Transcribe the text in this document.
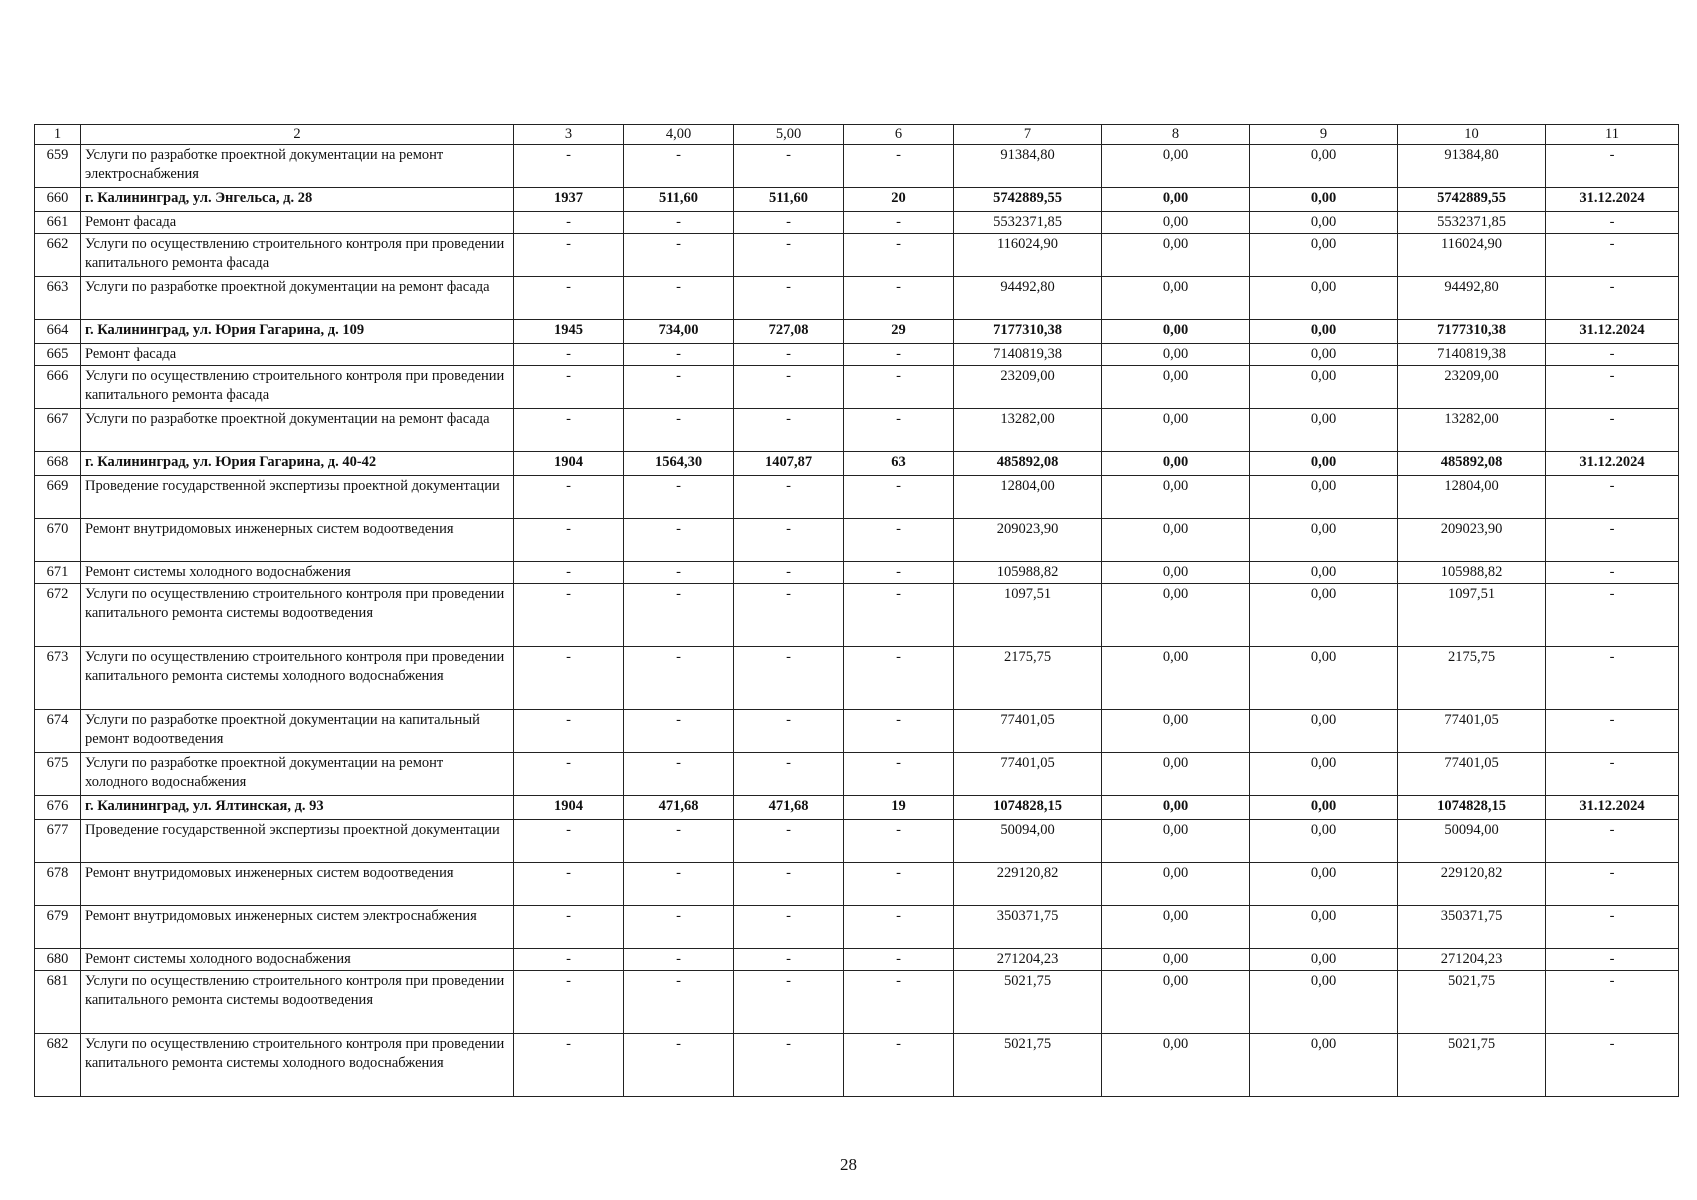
1	2	3	4,00	5,00	6	7	8	9	10	11
659	Услуги по разработке проектной документации на ремонт электроснабжения	-	-	-	-	91384,80	0,00	0,00	91384,80	-
660	г. Калининград, ул. Энгельса, д. 28	1937	511,60	511,60	20	5742889,55	0,00	0,00	5742889,55	31.12.2024
661	Ремонт фасада	-	-	-	-	5532371,85	0,00	0,00	5532371,85	-
662	Услуги по осуществлению строительного контроля при проведении капитального ремонта фасада	-	-	-	-	116024,90	0,00	0,00	116024,90	-
663	Услуги по разработке проектной документации на ремонт фасада	-	-	-	-	94492,80	0,00	0,00	94492,80	-
664	г. Калининград, ул. Юрия Гагарина, д. 109	1945	734,00	727,08	29	7177310,38	0,00	0,00	7177310,38	31.12.2024
665	Ремонт фасада	-	-	-	-	7140819,38	0,00	0,00	7140819,38	-
666	Услуги по осуществлению строительного контроля при проведении капитального ремонта фасада	-	-	-	-	23209,00	0,00	0,00	23209,00	-
667	Услуги по разработке проектной документации на ремонт фасада	-	-	-	-	13282,00	0,00	0,00	13282,00	-
668	г. Калининград, ул. Юрия Гагарина, д. 40-42	1904	1564,30	1407,87	63	485892,08	0,00	0,00	485892,08	31.12.2024
669	Проведение государственной экспертизы проектной документации	-	-	-	-	12804,00	0,00	0,00	12804,00	-
670	Ремонт внутридомовых инженерных систем водоотведения	-	-	-	-	209023,90	0,00	0,00	209023,90	-
671	Ремонт системы холодного водоснабжения	-	-	-	-	105988,82	0,00	0,00	105988,82	-
672	Услуги по осуществлению строительного контроля при проведении капитального ремонта системы водоотведения	-	-	-	-	1097,51	0,00	0,00	1097,51	-
673	Услуги по осуществлению строительного контроля при проведении капитального ремонта системы холодного водоснабжения	-	-	-	-	2175,75	0,00	0,00	2175,75	-
674	Услуги по разработке проектной документации на капитальный ремонт водоотведения	-	-	-	-	77401,05	0,00	0,00	77401,05	-
675	Услуги по разработке проектной документации на ремонт холодного водоснабжения	-	-	-	-	77401,05	0,00	0,00	77401,05	-
676	г. Калининград, ул. Ялтинская, д. 93	1904	471,68	471,68	19	1074828,15	0,00	0,00	1074828,15	31.12.2024
677	Проведение государственной экспертизы проектной документации	-	-	-	-	50094,00	0,00	0,00	50094,00	-
678	Ремонт внутридомовых инженерных систем водоотведения	-	-	-	-	229120,82	0,00	0,00	229120,82	-
679	Ремонт внутридомовых инженерных систем электроснабжения	-	-	-	-	350371,75	0,00	0,00	350371,75	-
680	Ремонт системы холодного водоснабжения	-	-	-	-	271204,23	0,00	0,00	271204,23	-
681	Услуги по осуществлению строительного контроля при проведении капитального ремонта системы водоотведения	-	-	-	-	5021,75	0,00	0,00	5021,75	-
682	Услуги по осуществлению строительного контроля при проведении капитального ремонта системы холодного водоснабжения	-	-	-	-	5021,75	0,00	0,00	5021,75	-
28
